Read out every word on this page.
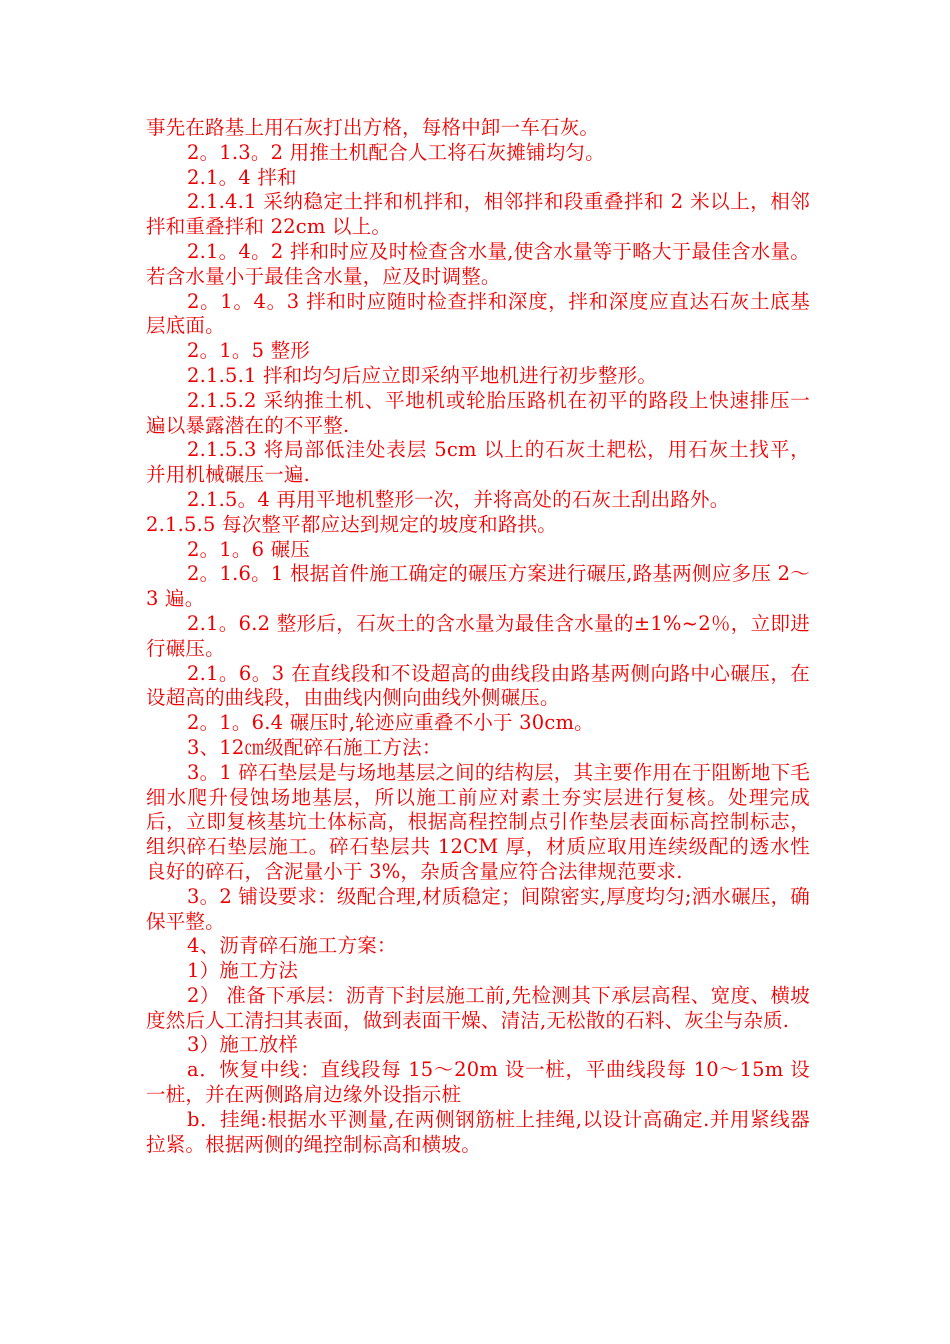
事先在路基上用石灰打出方格，每格中卸一车石灰。

2。1.3。2 用推土机配合人工将石灰摊铺均匀。

2.1。4 拌和

2.1.4.1 采纳稳定土拌和机拌和，相邻拌和段重叠拌和 2 米以上，相邻拌和重叠拌和 22cm 以上。

2.1。4。2 拌和时应及时检查含水量,使含水量等于略大于最佳含水量。若含水量小于最佳含水量，应及时调整。

2。1。4。3 拌和时应随时检查拌和深度，拌和深度应直达石灰土底基层底面。

2。1。5 整形

2.1.5.1 拌和均匀后应立即采纳平地机进行初步整形。

2.1.5.2 采纳推土机、平地机或轮胎压路机在初平的路段上快速排压一遍以暴露潜在的不平整.

2.1.5.3 将局部低洼处表层 5cm 以上的石灰土耙松，用石灰土找平，并用机械碾压一遍.

2.1.5。4 再用平地机整形一次，并将高处的石灰土刮出路外。

2.1.5.5 每次整平都应达到规定的坡度和路拱。

2。1。6 碾压

2。1.6。1 根据首件施工确定的碾压方案进行碾压,路基两侧应多压 2～3 遍。

2.1。6.2 整形后，石灰土的含水量为最佳含水量的±1%~2％，立即进行碾压。

2.1。6。3 在直线段和不设超高的曲线段由路基两侧向路中心碾压，在设超高的曲线段，由曲线内侧向曲线外侧碾压。

2。1。6.4 碾压时,轮迹应重叠不小于 30cm。

3、12㎝级配碎石施工方法：

3。1 碎石垫层是与场地基层之间的结构层，其主要作用在于阻断地下毛细水爬升侵蚀场地基层，所以施工前应对素土夯实层进行复核。处理完成后，立即复核基坑土体标高，根据高程控制点引作垫层表面标高控制标志，组织碎石垫层施工。碎石垫层共 12CM 厚，材质应取用连续级配的透水性良好的碎石，含泥量小于 3%，杂质含量应符合法律规范要求.

3。2 铺设要求：级配合理,材质稳定；间隙密实,厚度均匀;洒水碾压，确保平整。

4、沥青碎石施工方案：

1）施工方法

2） 准备下承层：沥青下封层施工前,先检测其下承层高程、宽度、横坡度然后人工清扫其表面，做到表面干燥、清洁,无松散的石料、灰尘与杂质.

3）施工放样

a．恢复中线：直线段每 15～20m 设一桩，平曲线段每 10～15m 设 一桩，并在两侧路肩边缘外设指示桩

b．挂绳:根据水平测量,在两侧钢筋桩上挂绳,以设计高确定.并用紧线器拉紧。根据两侧的绳控制标高和横坡。
